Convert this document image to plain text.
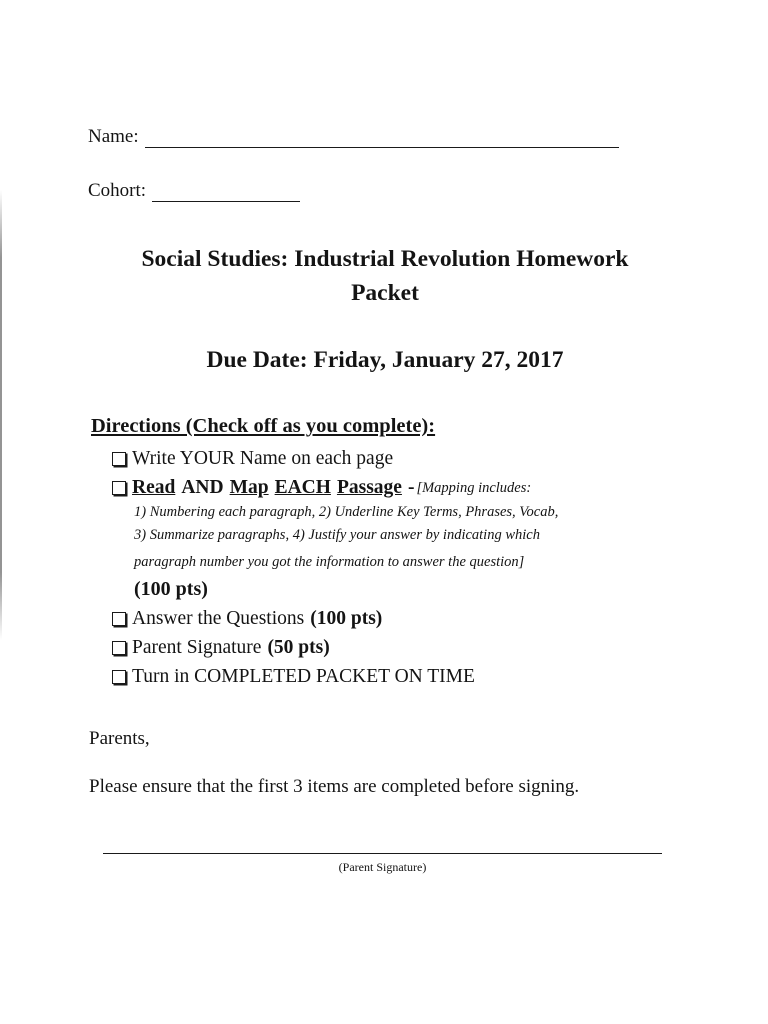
Name:
Cohort:
Social Studies: Industrial Revolution Homework
Packet
Due Date: Friday, January 27, 2017
Directions (Check off as you complete):
Write YOUR Name on each page
Read AND Map EACH Passage - [Mapping includes:
1) Numbering each paragraph, 2) Underline Key Terms, Phrases, Vocab,
3) Summarize paragraphs, 4) Justify your answer by indicating which
paragraph number you got the information to answer the question]
(100 pts)
Answer the Questions (100 pts)
Parent Signature (50 pts)
Turn in COMPLETED PACKET ON TIME
Parents,
Please ensure that the first 3 items are completed before signing.
(Parent Signature)
